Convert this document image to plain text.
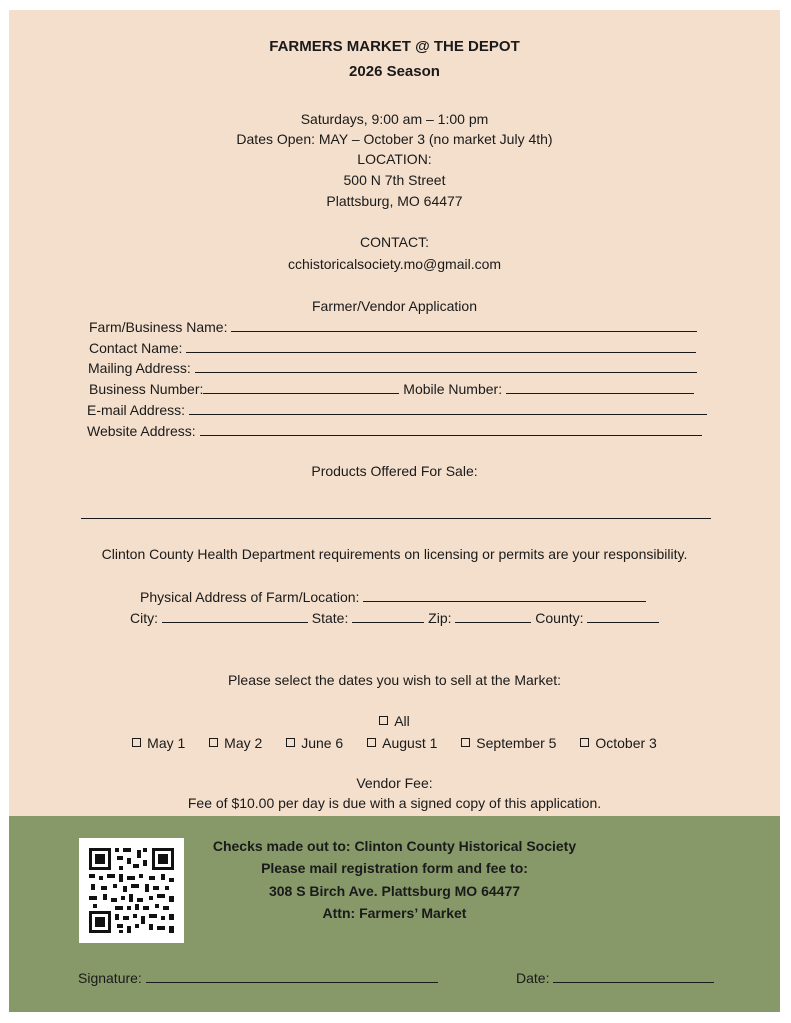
FARMERS MARKET @ THE DEPOT
2026 Season
Saturdays, 9:00 am – 1:00 pm
Dates Open: MAY – October 3 (no market July 4th)
LOCATION:
500 N 7th Street
Plattsburg, MO 64477
CONTACT:
cchistoricalsociety.mo@gmail.com
Farmer/Vendor Application
Farm/Business Name:
Contact Name:
Mailing Address:
Business Number:	Mobile Number:
E-mail Address:
Website Address:
Products Offered For Sale:
Clinton County Health Department requirements on licensing or permits are your responsibility.
Physical Address of Farm/Location:
City:	State:	Zip:	County:
Please select the dates you wish to sell at the Market:
All
May 1	May 2	June 6	August 1	September 5	October 3
Vendor Fee:
Fee of $10.00 per day is due with a signed copy of this application.
Checks made out to: Clinton County Historical Society
Please mail registration form and fee to:
308 S Birch Ave. Plattsburg MO 64477
Attn: Farmers’ Market
Signature:	Date:
